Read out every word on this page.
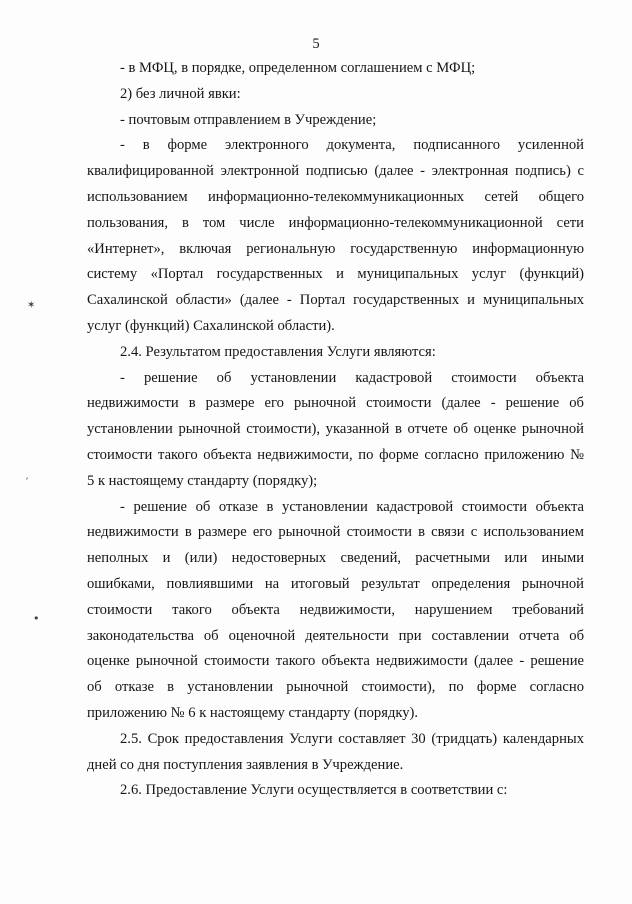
5
- в МФЦ, в порядке, определенном соглашением с МФЦ;
2) без личной явки:
- почтовым отправлением в Учреждение;
- в форме электронного документа, подписанного усиленной
квалифицированной электронной подписью (далее - электронная подпись) с
использованием информационно-телекоммуникационных сетей общего
пользования, в том числе информационно-телекоммуникационной сети
«Интернет», включая региональную государственную информационную
систему «Портал государственных и муниципальных услуг (функций)
Сахалинской области» (далее - Портал государственных и муниципальных
услуг (функций) Сахалинской области).
2.4. Результатом предоставления Услуги являются:
- решение об установлении кадастровой стоимости объекта
недвижимости в размере его рыночной стоимости (далее - решение об
установлении рыночной стоимости), указанной в отчете об оценке рыночной
стоимости такого объекта недвижимости, по форме согласно приложению №
5 к настоящему стандарту (порядку);
- решение об отказе в установлении кадастровой стоимости объекта
недвижимости в размере его рыночной стоимости в связи с использованием
неполных и (или) недостоверных сведений, расчетными или иными
ошибками, повлиявшими на итоговый результат определения рыночной
стоимости такого объекта недвижимости, нарушением требований
законодательства об оценочной деятельности при составлении отчета об
оценке рыночной стоимости такого объекта недвижимости (далее - решение
об отказе в установлении рыночной стоимости), по форме согласно
приложению № 6 к настоящему стандарту (порядку).
2.5. Срок предоставления Услуги составляет 30 (тридцать) календарных
дней со дня поступления заявления в Учреждение.
2.6. Предоставление Услуги осуществляется в соответствии с:
✶
⸴
•
